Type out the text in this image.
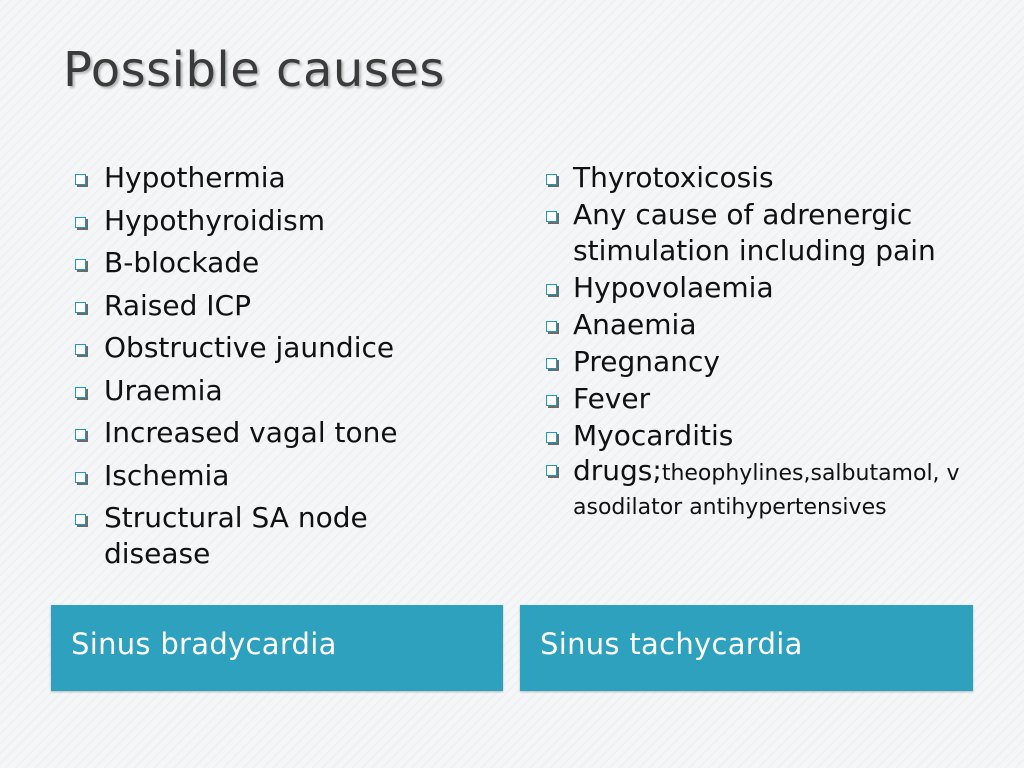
Possible causes
Hypothermia
Hypothyroidism
B-blockade
Raised ICP
Obstructive jaundice
Uraemia
Increased vagal tone
Ischemia
Structural SA node disease
Thyrotoxicosis
Any cause of adrenergic stimulation including pain
Hypovolaemia
Anaemia
Pregnancy
Fever
Myocarditis
drugs;theophylines,salbutamol, vasodilator antihypertensives
Sinus bradycardia	Sinus tachycardia
